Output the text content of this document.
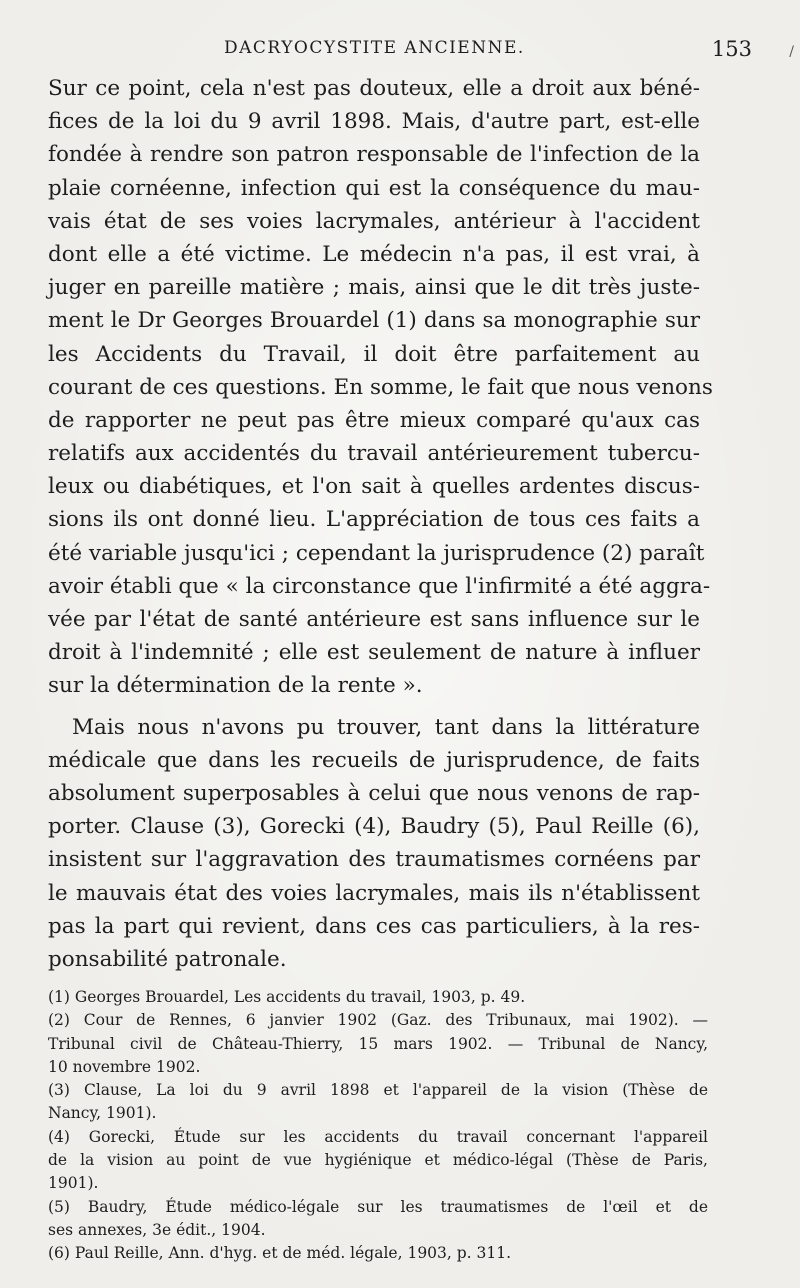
DACRYOCYSTITE ANCIENNE.	153	/
Sur ce point, cela n'est pas douteux, elle a droit aux béné-
fices de la loi du 9 avril 1898. Mais, d'autre part, est-elle
fondée à rendre son patron responsable de l'infection de la
plaie cornéenne, infection qui est la conséquence du mau-
vais état de ses voies lacrymales, antérieur à l'accident
dont elle a été victime. Le médecin n'a pas, il est vrai, à
juger en pareille matière ; mais, ainsi que le dit très juste-
ment le Dr Georges Brouardel (1) dans sa monographie sur
les Accidents du Travail, il doit être parfaitement au
courant de ces questions. En somme, le fait que nous venons
de rapporter ne peut pas être mieux comparé qu'aux cas
relatifs aux accidentés du travail antérieurement tubercu-
leux ou diabétiques, et l'on sait à quelles ardentes discus-
sions ils ont donné lieu. L'appréciation de tous ces faits a
été variable jusqu'ici ; cependant la jurisprudence (2) paraît
avoir établi que « la circonstance que l'infirmité a été aggra-
vée par l'état de santé antérieure est sans influence sur le
droit à l'indemnité ; elle est seulement de nature à influer
sur la détermination de la rente ».
Mais nous n'avons pu trouver, tant dans la littérature
médicale que dans les recueils de jurisprudence, de faits
absolument superposables à celui que nous venons de rap-
porter. Clause (3), Gorecki (4), Baudry (5), Paul Reille (6),
insistent sur l'aggravation des traumatismes cornéens par
le mauvais état des voies lacrymales, mais ils n'établissent
pas la part qui revient, dans ces cas particuliers, à la res-
ponsabilité patronale.
(1) Georges Brouardel, Les accidents du travail, 1903, p. 49.
(2) Cour de Rennes, 6 janvier 1902 (Gaz. des Tribunaux, mai 1902). —
Tribunal civil de Château-Thierry, 15 mars 1902. — Tribunal de Nancy,
10 novembre 1902.
(3) Clause, La loi du 9 avril 1898 et l'appareil de la vision (Thèse de
Nancy, 1901).
(4) Gorecki, Étude sur les accidents du travail concernant l'appareil
de la vision au point de vue hygiénique et médico-légal (Thèse de Paris,
1901).
(5) Baudry, Étude médico-légale sur les traumatismes de l'œil et de
ses annexes, 3e édit., 1904.
(6) Paul Reille, Ann. d'hyg. et de méd. légale, 1903, p. 311.
